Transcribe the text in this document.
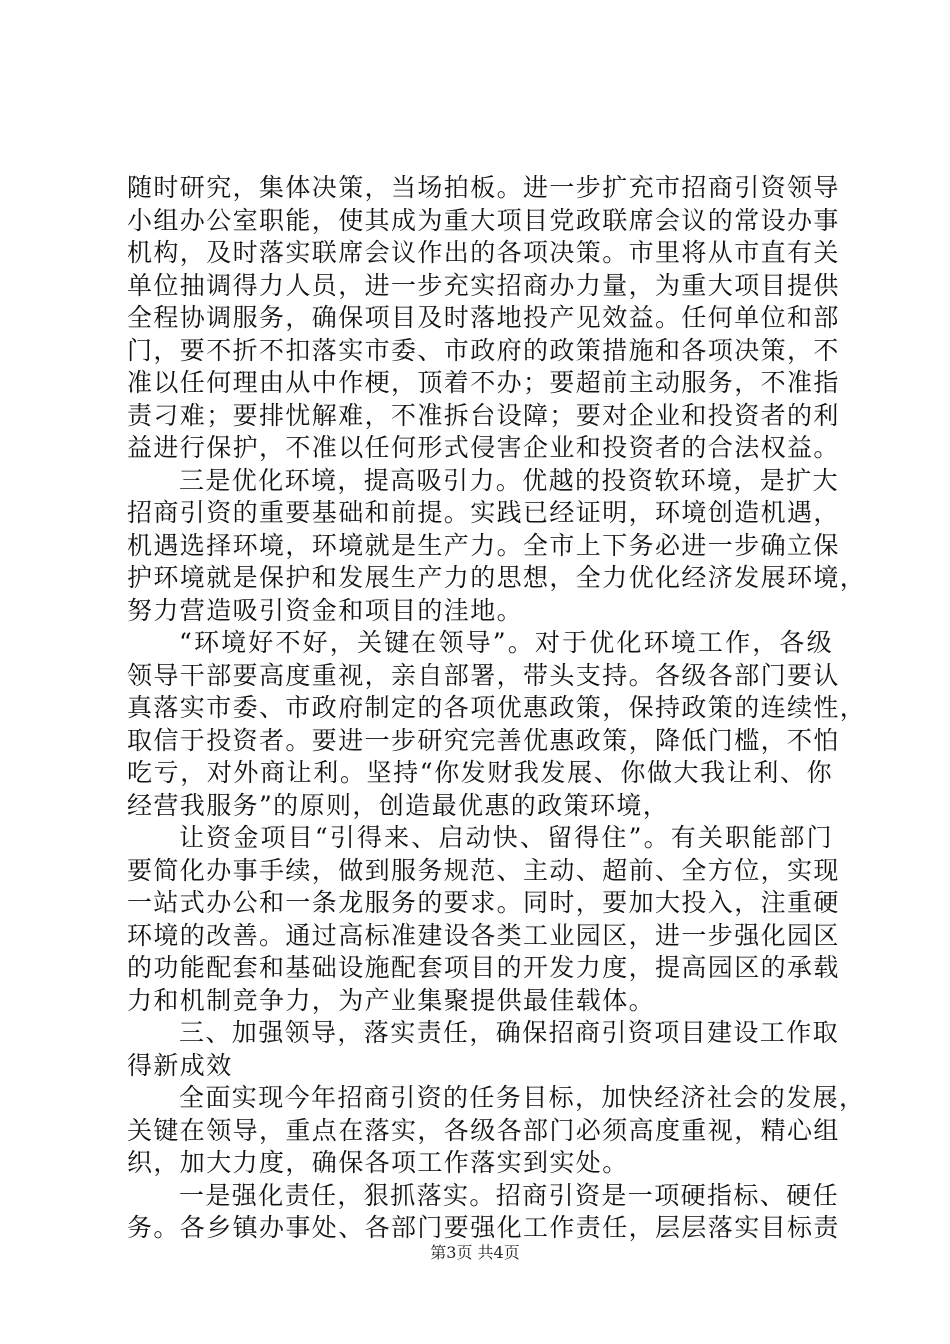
随时研究，集体决策，当场拍板。进一步扩充市招商引资领导
小组办公室职能，使其成为重大项目党政联席会议的常设办事
机构，及时落实联席会议作出的各项决策。市里将从市直有关
单位抽调得力人员，进一步充实招商办力量，为重大项目提供
全程协调服务，确保项目及时落地投产见效益。任何单位和部
门，要不折不扣落实市委、市政府的政策措施和各项决策，不
准以任何理由从中作梗，顶着不办；要超前主动服务，不准指
责刁难；要排忧解难，不准拆台设障；要对企业和投资者的利
益进行保护，不准以任何形式侵害企业和投资者的合法权益。
三是优化环境，提高吸引力。优越的投资软环境，是扩大
招商引资的重要基础和前提。实践已经证明，环境创造机遇，
机遇选择环境，环境就是生产力。全市上下务必进一步确立保
护环境就是保护和发展生产力的思想，全力优化经济发展环境，
努力营造吸引资金和项目的洼地。
“环境好不好，关键在领导”。对于优化环境工作，各级
领导干部要高度重视，亲自部署，带头支持。各级各部门要认
真落实市委、市政府制定的各项优惠政策，保持政策的连续性，
取信于投资者。要进一步研究完善优惠政策，降低门槛，不怕
吃亏，对外商让利。坚持“你发财我发展、你做大我让利、你
经营我服务”的原则，创造最优惠的政策环境，
让资金项目“引得来、启动快、留得住”。有关职能部门
要简化办事手续，做到服务规范、主动、超前、全方位，实现
一站式办公和一条龙服务的要求。同时，要加大投入，注重硬
环境的改善。通过高标准建设各类工业园区，进一步强化园区
的功能配套和基础设施配套项目的开发力度，提高园区的承载
力和机制竞争力，为产业集聚提供最佳载体。
三、加强领导，落实责任，确保招商引资项目建设工作取
得新成效
全面实现今年招商引资的任务目标，加快经济社会的发展，
关键在领导，重点在落实，各级各部门必须高度重视，精心组
织，加大力度，确保各项工作落实到实处。
一是强化责任，狠抓落实。招商引资是一项硬指标、硬任
务。各乡镇办事处、各部门要强化工作责任，层层落实目标责
第3页 共4页
